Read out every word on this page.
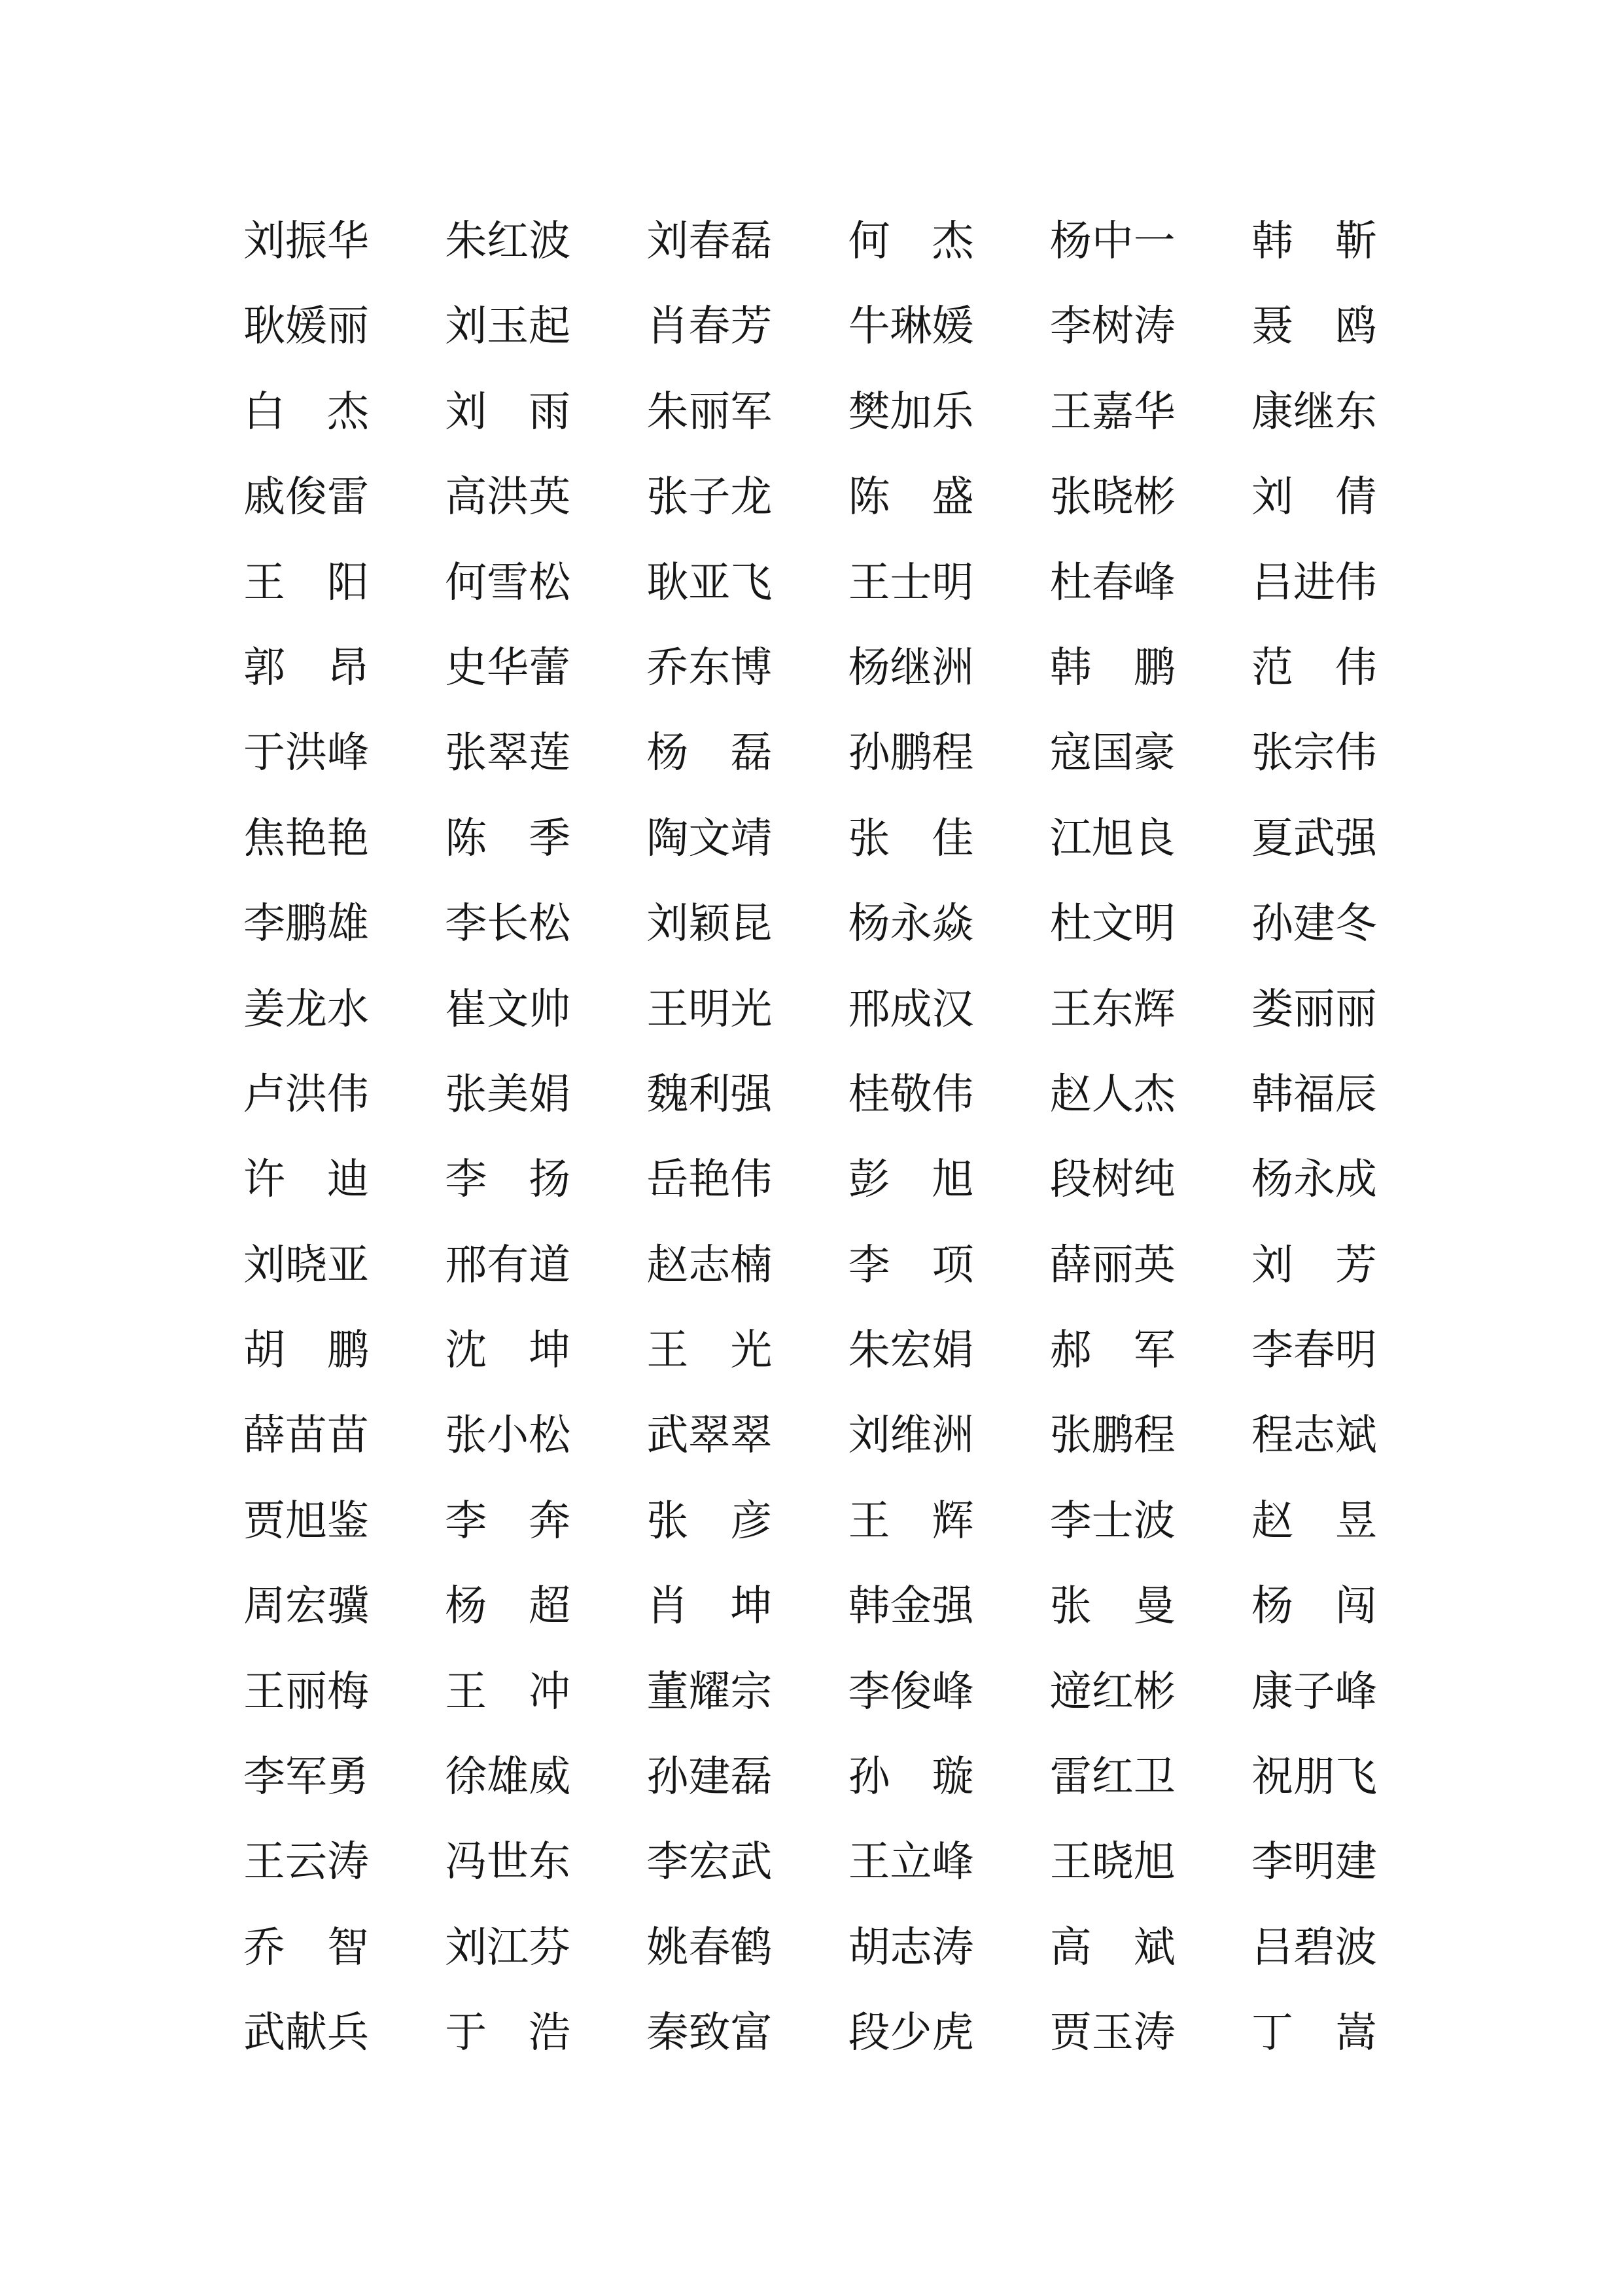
刘振华 朱红波 刘春磊 何杰 杨中一 韩靳
耿媛丽 刘玉起 肖春芳 牛琳媛 李树涛 聂鸥
白杰 刘雨 朱丽军 樊加乐 王嘉华 康继东
戚俊雷 高洪英 张子龙 陈盛 张晓彬 刘倩
王阳 何雪松 耿亚飞 王士明 杜春峰 吕进伟
郭昂 史华蕾 乔东博 杨继洲 韩鹏 范伟
于洪峰 张翠莲 杨磊 孙鹏程 寇国豪 张宗伟
焦艳艳 陈季 陶文靖 张佳 江旭良 夏武强
李鹏雄 李长松 刘颖昆 杨永焱 杜文明 孙建冬
姜龙水 崔文帅 王明光 邢成汉 王东辉 娄丽丽
卢洪伟 张美娟 魏利强 桂敬伟 赵人杰 韩福辰
许迪 李扬 岳艳伟 彭旭 段树纯 杨永成
刘晓亚 邢有道 赵志楠 李项 薛丽英 刘芳
胡鹏 沈坤 王光 朱宏娟 郝军 李春明
薛苗苗 张小松 武翠翠 刘维洲 张鹏程 程志斌
贾旭鉴 李奔 张彦 王辉 李士波 赵昱
周宏骥 杨超 肖坤 韩金强 张曼 杨闯
王丽梅 王冲 董耀宗 李俊峰 遆红彬 康子峰
李军勇 徐雄威 孙建磊 孙璇 雷红卫 祝朋飞
王云涛 冯世东 李宏武 王立峰 王晓旭 李明建
乔智 刘江芬 姚春鹤 胡志涛 高斌 吕碧波
武献兵 于浩 秦致富 段少虎 贾玉涛 丁嵩
